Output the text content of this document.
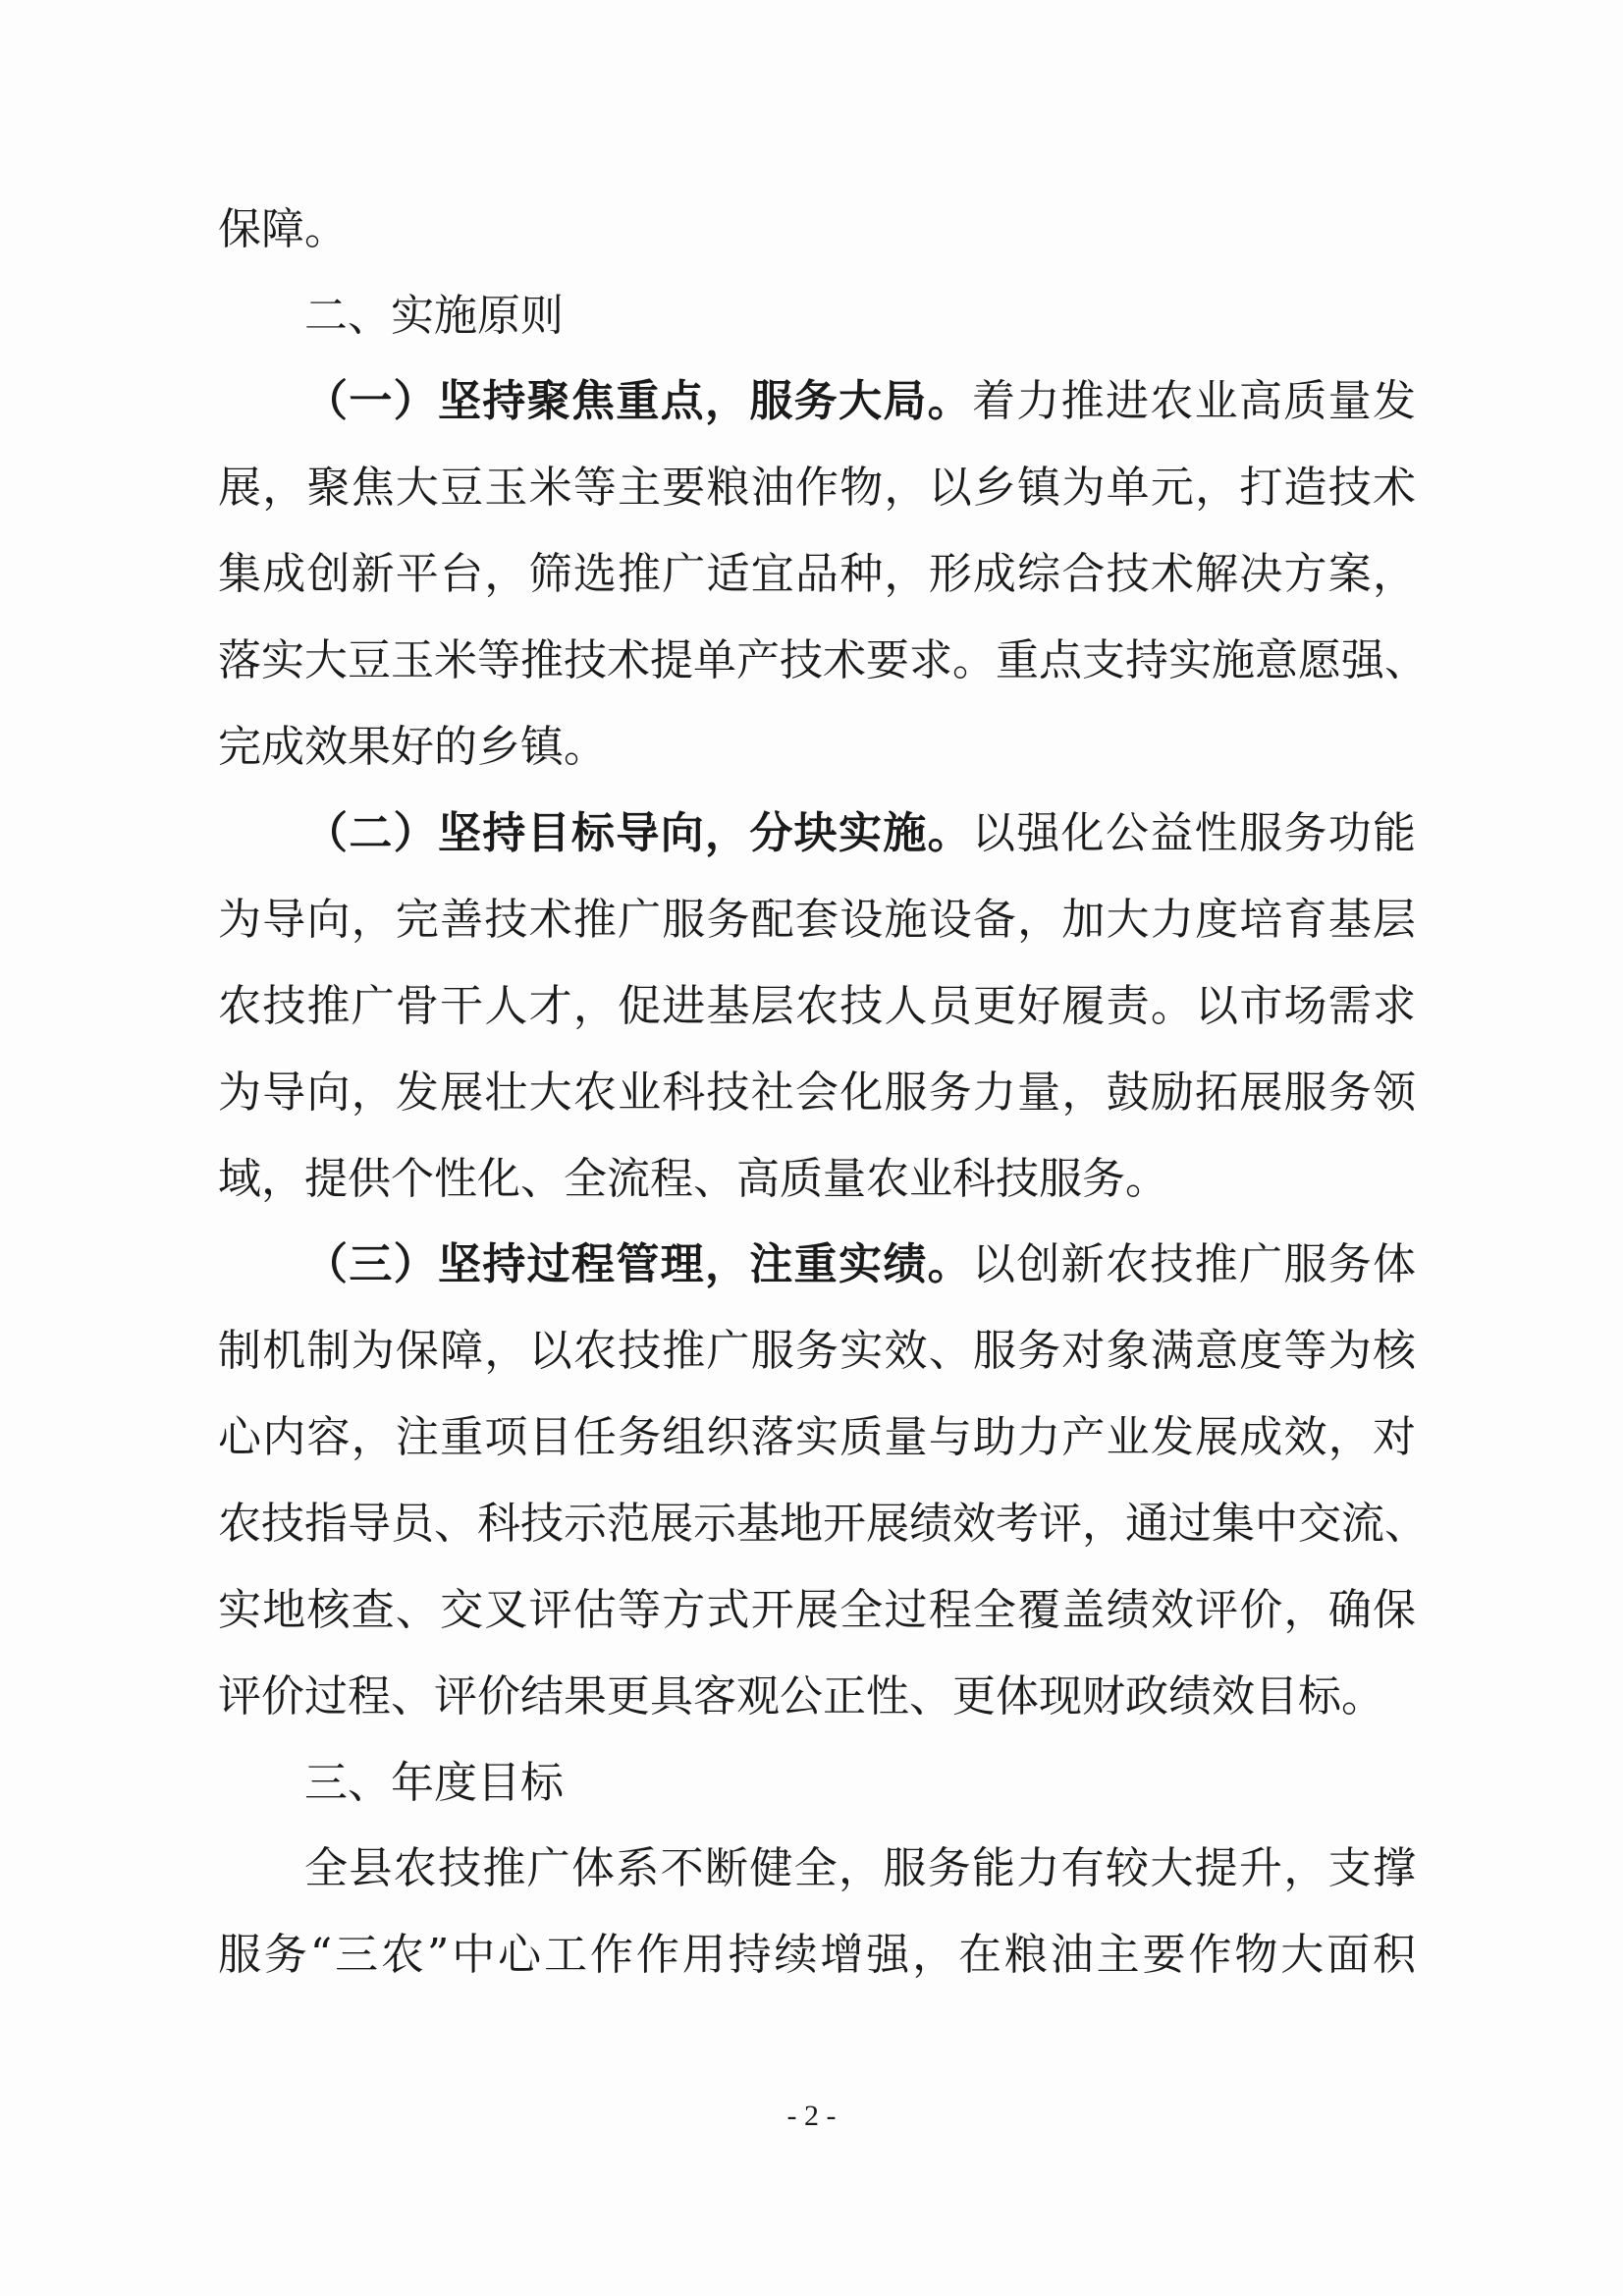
保障。
二、实施原则
（一）坚持聚焦重点，服务大局。着力推进农业高质量发
展，聚焦大豆玉米等主要粮油作物，以乡镇为单元，打造技术
集成创新平台，筛选推广适宜品种，形成综合技术解决方案，
落实大豆玉米等推技术提单产技术要求。重点支持实施意愿强、
完成效果好的乡镇。
（二）坚持目标导向，分块实施。以强化公益性服务功能
为导向，完善技术推广服务配套设施设备，加大力度培育基层
农技推广骨干人才，促进基层农技人员更好履责。以市场需求
为导向，发展壮大农业科技社会化服务力量，鼓励拓展服务领
域，提供个性化、全流程、高质量农业科技服务。
（三）坚持过程管理，注重实绩。以创新农技推广服务体
制机制为保障，以农技推广服务实效、服务对象满意度等为核
心内容，注重项目任务组织落实质量与助力产业发展成效，对
农技指导员、科技示范展示基地开展绩效考评，通过集中交流、
实地核查、交叉评估等方式开展全过程全覆盖绩效评价，确保
评价过程、评价结果更具客观公正性、更体现财政绩效目标。
三、年度目标
全县农技推广体系不断健全，服务能力有较大提升，支撑
服务“三农”中心工作作用持续增强，在粮油主要作物大面积
- 2 -
